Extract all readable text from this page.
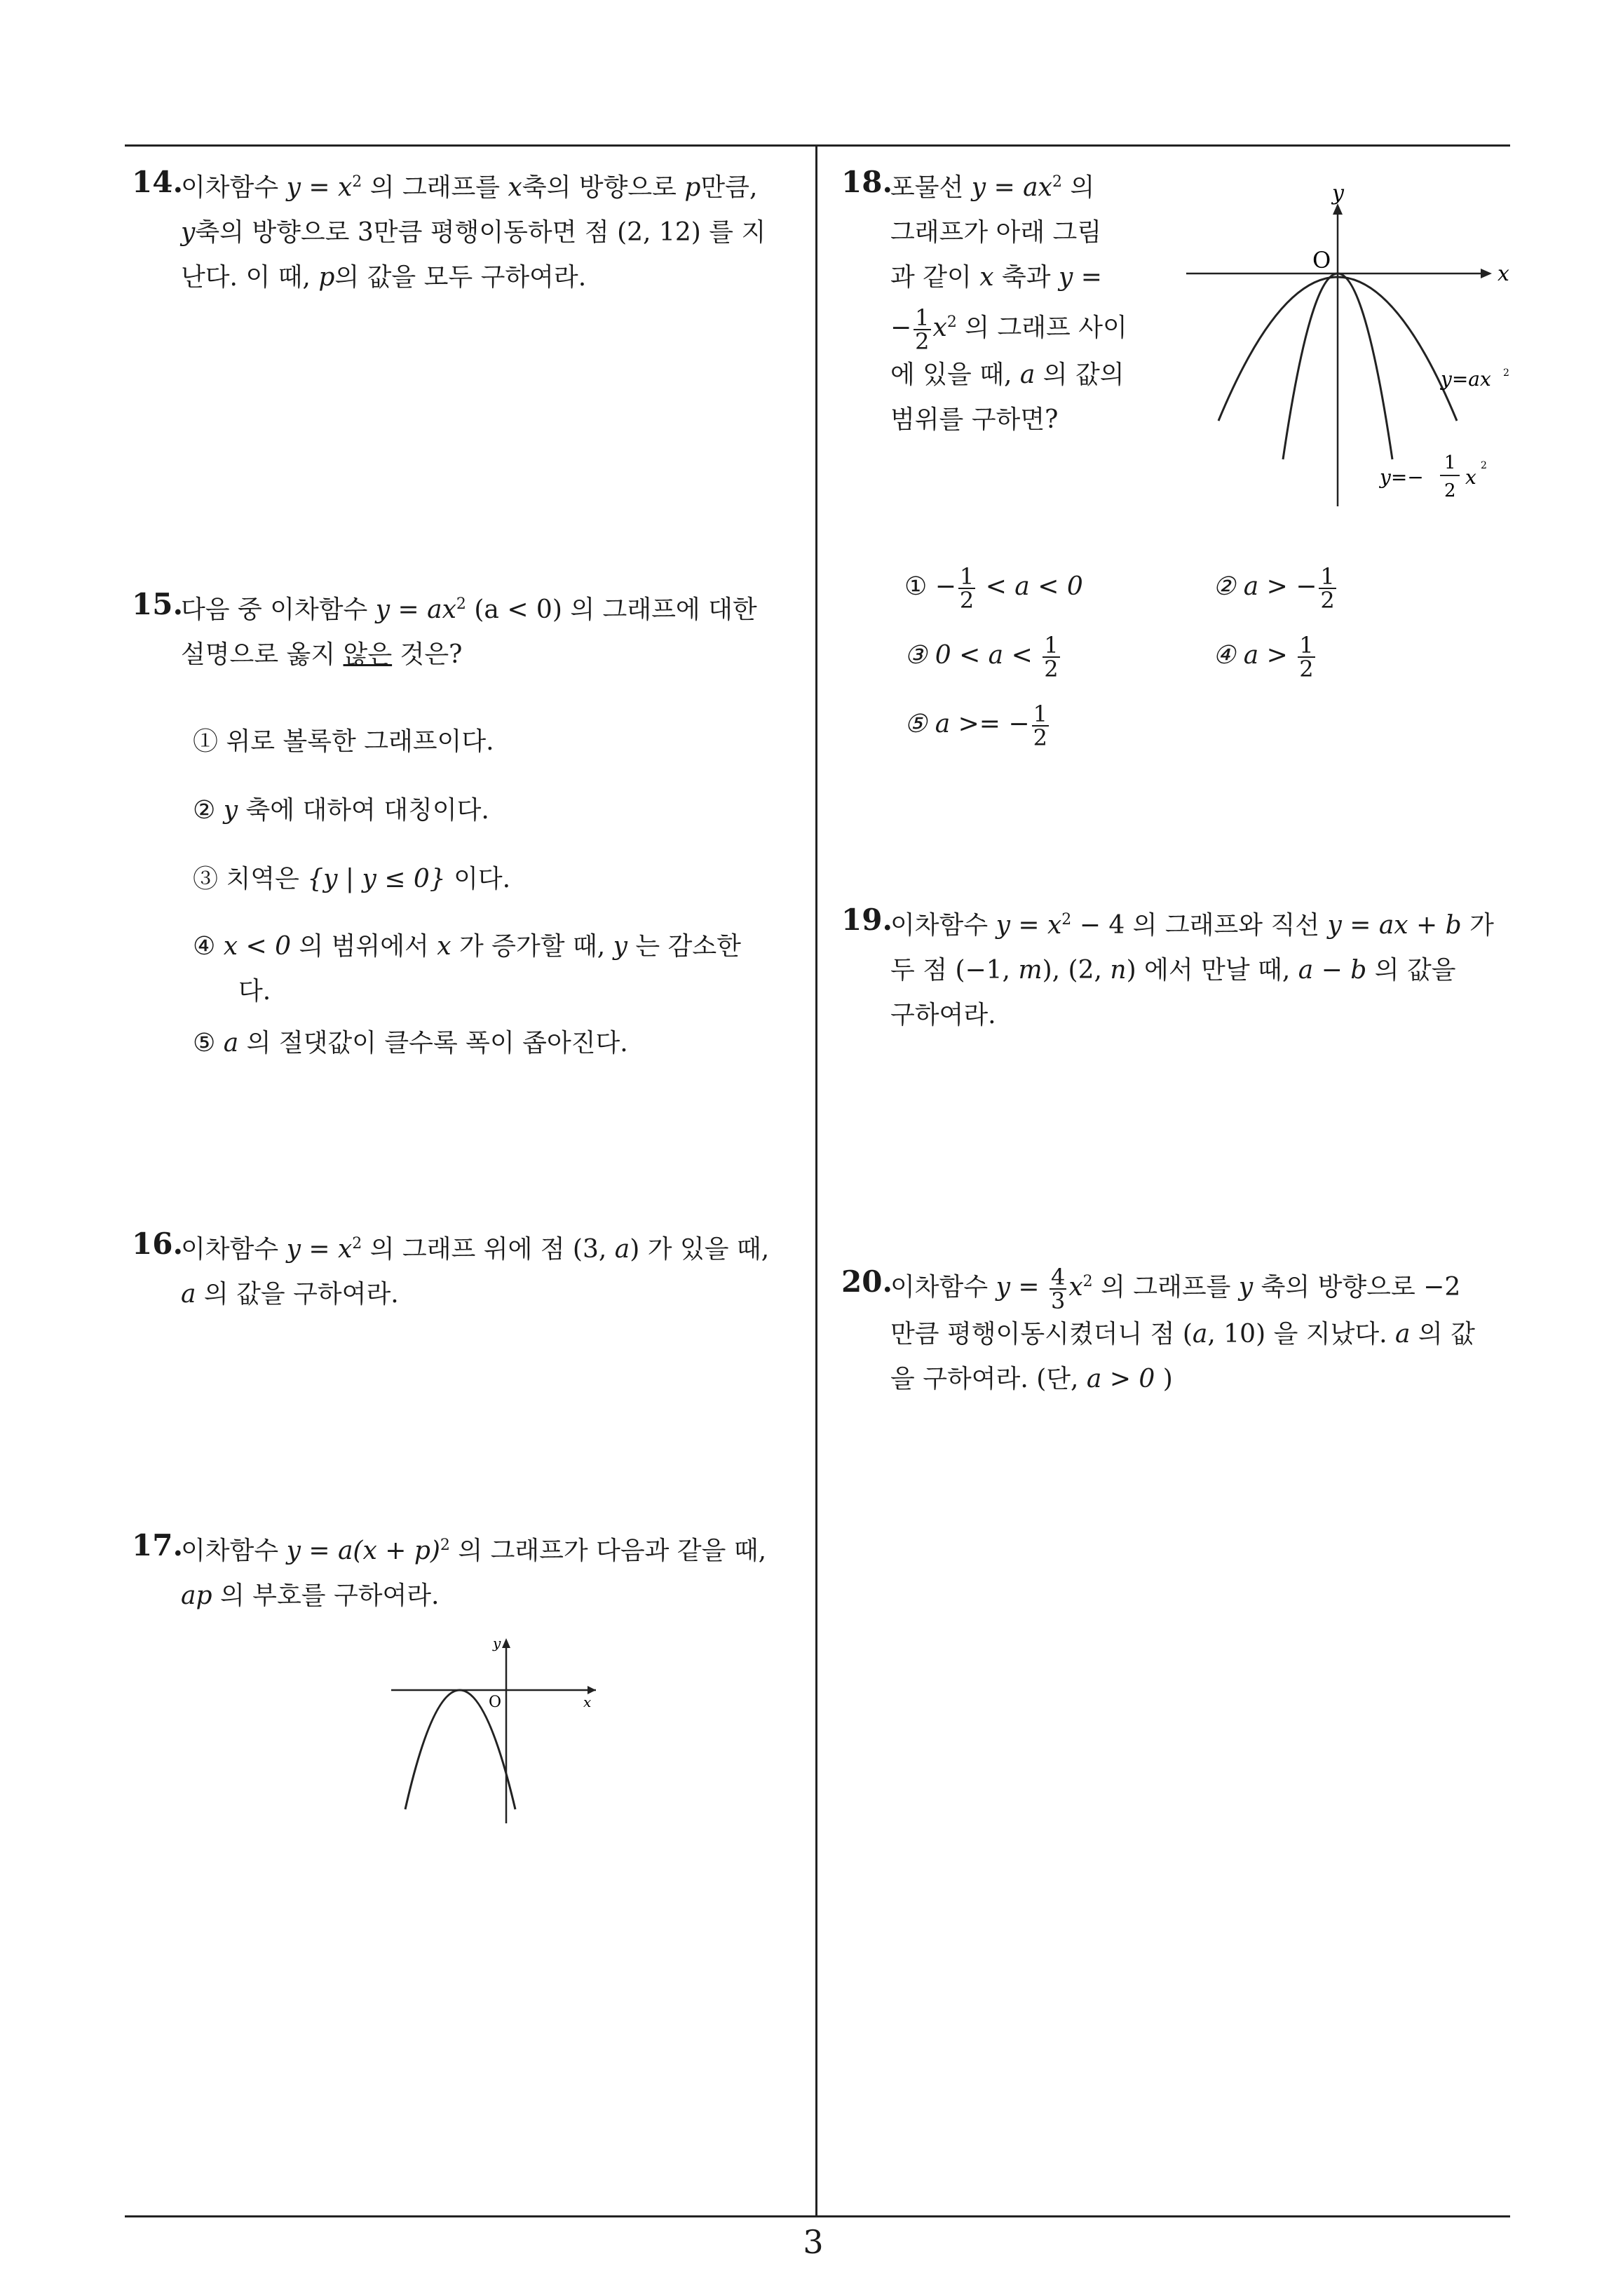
14.
이차함수 $y = x^2$ 의 그래프를 x축의 방향으로 p만큼,
y축의 방향으로 3만큼 평행이동하면 점 (2, 12) 를 지
난다. 이 때, p의 값을 모두 구하여라.
15.
다음 중 이차함수 $y = ax^2$ (a < 0) 의 그래프에 대한
설명으로 옳지 않은 것은?
① 위로 볼록한 그래프이다.
② y 축에 대하여 대칭이다.
③ 치역은 {y | y ≤ 0} 이다.
④ x < 0 의 범위에서 x 가 증가할 때, y 는 감소한
다.
⑤ a 의 절댓값이 클수록 폭이 좁아진다.
16.
이차함수 $y = x^2$ 의 그래프 위에 점 (3, a) 가 있을 때,
a 의 값을 구하여라.
17.
이차함수 $y = a(x + p)^2$ 의 그래프가 다음과 같을 때,
ap 의 부호를 구하여라.
y
x
O
18.
포물선 $y = ax^2$ 의
그래프가 아래 그림
과 같이 x 축과 y =
− $\frac{1}{2} x^2$ 의 그래프 사이
에 있을 때, a 의 값의
범위를 구하면?
y
x
O
y=ax 2
y=−
1
2
x 2
① − $\frac{1}{2} < a < 0$	② a > − $\frac{1}{2}$
③ $0 < a < \frac{1}{2}$	④ $a > \frac{1}{2}$
⑤ a >= − $\frac{1}{2}$
19.
이차함수 $y = x^2 - 4$ 의 그래프와 직선 y = ax + b 가
두 점 (−1, m), (2, n) 에서 만날 때, a − b 의 값을
구하여라.
20.
이차함수 $y = \frac{4}{3} x^2$ 의 그래프를 y 축의 방향으로 −2
만큼 평행이동시켰더니 점 (a, 10) 을 지났다. a 의 값
을 구하여라. (단, a > 0 )
3
